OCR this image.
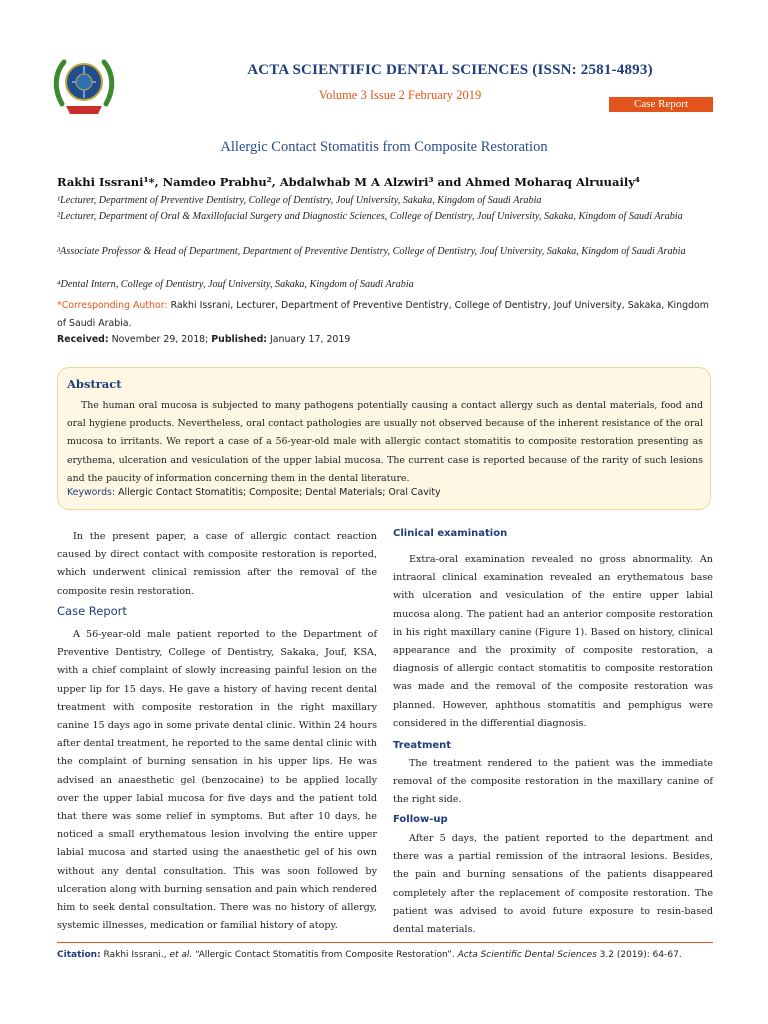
ACTA SCIENTIFIC DENTAL SCIENCES (ISSN: 2581-4893)
Volume 3 Issue 2 February 2019
Case Report
Allergic Contact Stomatitis from Composite Restoration
Rakhi Issrani¹*, Namdeo Prabhu², Abdalwhab M A Alzwiri³ and Ahmed Moharaq Alruuaily⁴
¹Lecturer, Department of Preventive Dentistry, College of Dentistry, Jouf University, Sakaka, Kingdom of Saudi Arabia
²Lecturer, Department of Oral & Maxillofacial Surgery and Diagnostic Sciences, College of Dentistry, Jouf University, Sakaka, Kingdom of Saudi Arabia
³Associate Professor & Head of Department, Department of Preventive Dentistry, College of Dentistry, Jouf University, Sakaka, Kingdom of Saudi Arabia
⁴Dental Intern, College of Dentistry, Jouf University, Sakaka, Kingdom of Saudi Arabia
*Corresponding Author: Rakhi Issrani, Lecturer, Department of Preventive Dentistry, College of Dentistry, Jouf University, Sakaka, Kingdom of Saudi Arabia.
Received: November 29, 2018; Published: January 17, 2019
Abstract
The human oral mucosa is subjected to many pathogens potentially causing a contact allergy such as dental materials, food and oral hygiene products. Nevertheless, oral contact pathologies are usually not observed because of the inherent resistance of the oral mucosa to irritants. We report a case of a 56-year-old male with allergic contact stomatitis to composite restoration presenting as erythema, ulceration and vesiculation of the upper labial mucosa. The current case is reported because of the rarity of such lesions and the paucity of information concerning them in the dental literature.
Keywords: Allergic Contact Stomatitis; Composite; Dental Materials; Oral Cavity

In the present paper, a case of allergic contact reaction caused by direct contact with composite restoration is reported, which underwent clinical remission after the removal of the composite resin restoration.

Case Report

A 56-year-old male patient reported to the Department of Preventive Dentistry, College of Dentistry, Sakaka, Jouf, KSA, with a chief complaint of slowly increasing painful lesion on the upper lip for 15 days. He gave a history of having recent dental treatment with composite restoration in the right maxillary canine 15 days ago in some private dental clinic. Within 24 hours after dental treatment, he reported to the same dental clinic with the complaint of burning sensation in his upper lips. He was advised an anaesthetic gel (benzocaine) to be applied locally over the upper labial mucosa for five days and the patient told that there was some relief in symptoms. But after 10 days, he noticed a small erythematous lesion involving the entire upper labial mucosa and started using the anaesthetic gel of his own without any dental consultation. This was soon followed by ulceration along with burning sensation and pain which rendered him to seek dental consultation. There was no history of allergy, systemic illnesses, medication or familial history of atopy.

Clinical examination

Extra-oral examination revealed no gross abnormality. An intraoral clinical examination revealed an erythematous base with ulceration and vesiculation of the entire upper labial mucosa along. The patient had an anterior composite restoration in his right maxillary canine (Figure 1). Based on history, clinical appearance and the proximity of composite restoration, a diagnosis of allergic contact stomatitis to composite restoration was made and the removal of the composite restoration was planned. However, aphthous stomatitis and pemphigus were considered in the differential diagnosis.

Treatment

The treatment rendered to the patient was the immediate removal of the composite restoration in the maxillary canine of the right side.

Follow-up

After 5 days, the patient reported to the department and there was a partial remission of the intraoral lesions. Besides, the pain and burning sensations of the patients disappeared completely after the replacement of composite restoration. The patient was advised to avoid future exposure to resin-based dental materials.

Citation: Rakhi Issrani., et al. “Allergic Contact Stomatitis from Composite Restoration”. Acta Scientific Dental Sciences 3.2 (2019): 64-67.
